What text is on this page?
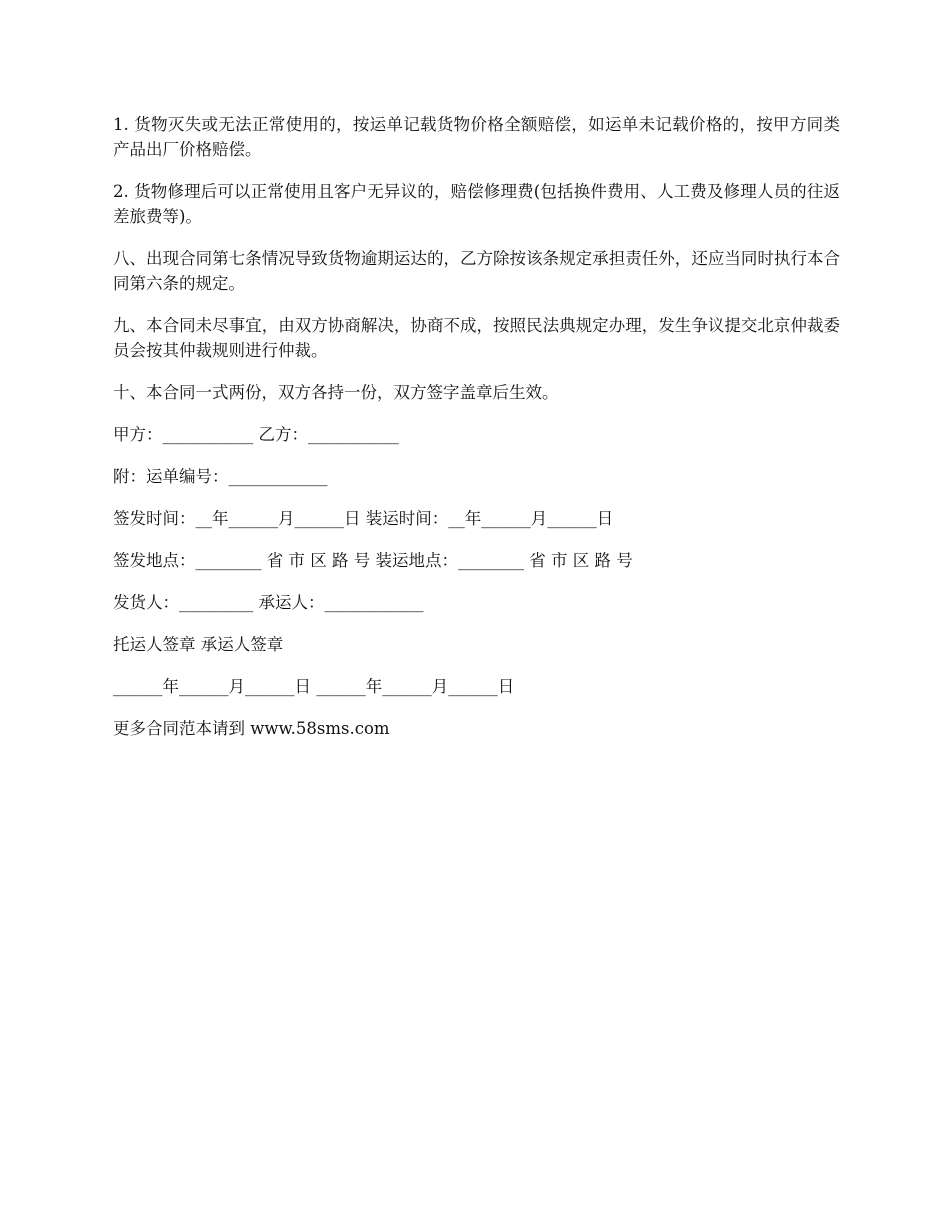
1. 货物灭失或无法正常使用的，按运单记载货物价格全额赔偿，如运单未记载价格的，按甲方同类产品出厂价格赔偿。

2. 货物修理后可以正常使用且客户无异议的，赔偿修理费(包括换件费用、人工费及修理人员的往返差旅费等)。

八、出现合同第七条情况导致货物逾期运达的，乙方除按该条规定承担责任外，还应当同时执行本合同第六条的规定。

九、本合同未尽事宜，由双方协商解决，协商不成，按照民法典规定办理，发生争议提交北京仲裁委员会按其仲裁规则进行仲裁。

十、本合同一式两份，双方各持一份，双方签字盖章后生效。

甲方：___________ 乙方：___________

附：运单编号：____________

签发时间：__年______月______日 装运时间：__年______月______日

签发地点：________ 省 市 区 路 号 装运地点：________ 省 市 区 路 号

发货人：_________ 承运人：____________

托运人签章 承运人签章

______年______月______日 ______年______月______日

更多合同范本请到 www.58sms.com
